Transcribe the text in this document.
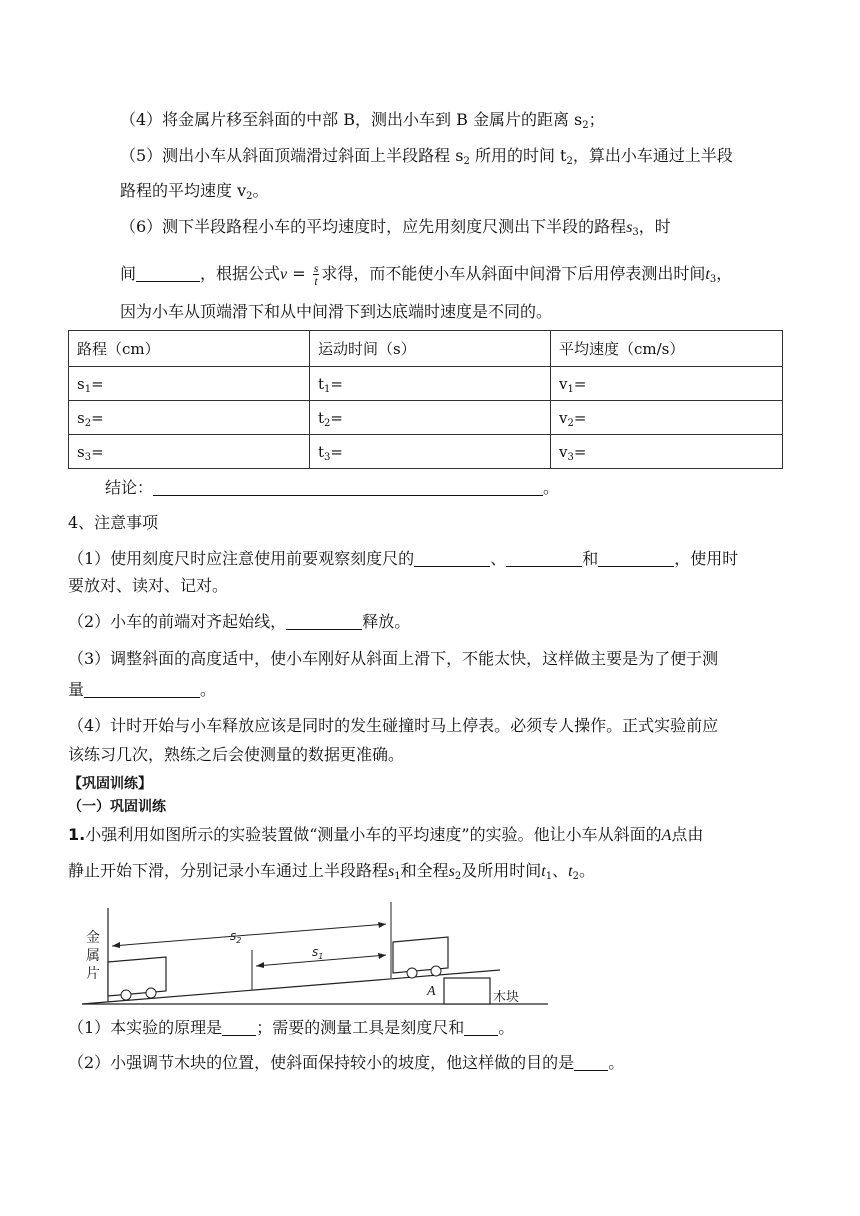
（4）将金属片移至斜面的中部 B，测出小车到 B 金属片的距离 $s_2$；
（5）测出小车从斜面顶端滑过斜面上半段路程 $s_2$ 所用的时间 $t_2$，算出小车通过上半段
路程的平均速度 $v_2$。
（6）测下半段路程小车的平均速度时，应先用刻度尺测出下半段的路程$s_3$，时
间	，根据公式$v = \frac{s}{t}$ 求得，而不能使小车从斜面中间滑下后用停表测出时间$t_3$，
因为小车从顶端滑下和从中间滑下到达底端时速度是不同的。
路程（cm）	运动时间（s）	平均速度（cm/s）
$s_1=$	$t_1=$	$v_1=$
$s_2=$	$t_2=$	$v_2=$
$s_3=$	$t_3=$	$v_3=$
结论：	。
4、注意事项
（1）使用刻度尺时应注意使用前要观察刻度尺的	、	和	，使用时
要放对、读对、记对。
（2）小车的前端对齐起始线，	释放。
（3）调整斜面的高度适中，使小车刚好从斜面上滑下，不能太快，这样做主要是为了便于测
量	。
（4）计时开始与小车释放应该是同时的发生碰撞时马上停表。必须专人操作。正式实验前应
该练习几次，熟练之后会使测量的数据更准确。
【巩固训练】
（一）巩固训练
1.小强利用如图所示的实验装置做“测量小车的平均速度”的实验。他让小车从斜面的A点由
静止开始下滑，分别记录小车通过上半段路程$s_1$和全程$s_2$及所用时间$t_1$、$t_2$。
$s_2$
$s_1$
金
属
片
A	木块
（1）本实验的原理是 ；需要的测量工具是刻度尺和 。
（2）小强调节木块的位置，使斜面保持较小的坡度，他这样做的目的是 。
